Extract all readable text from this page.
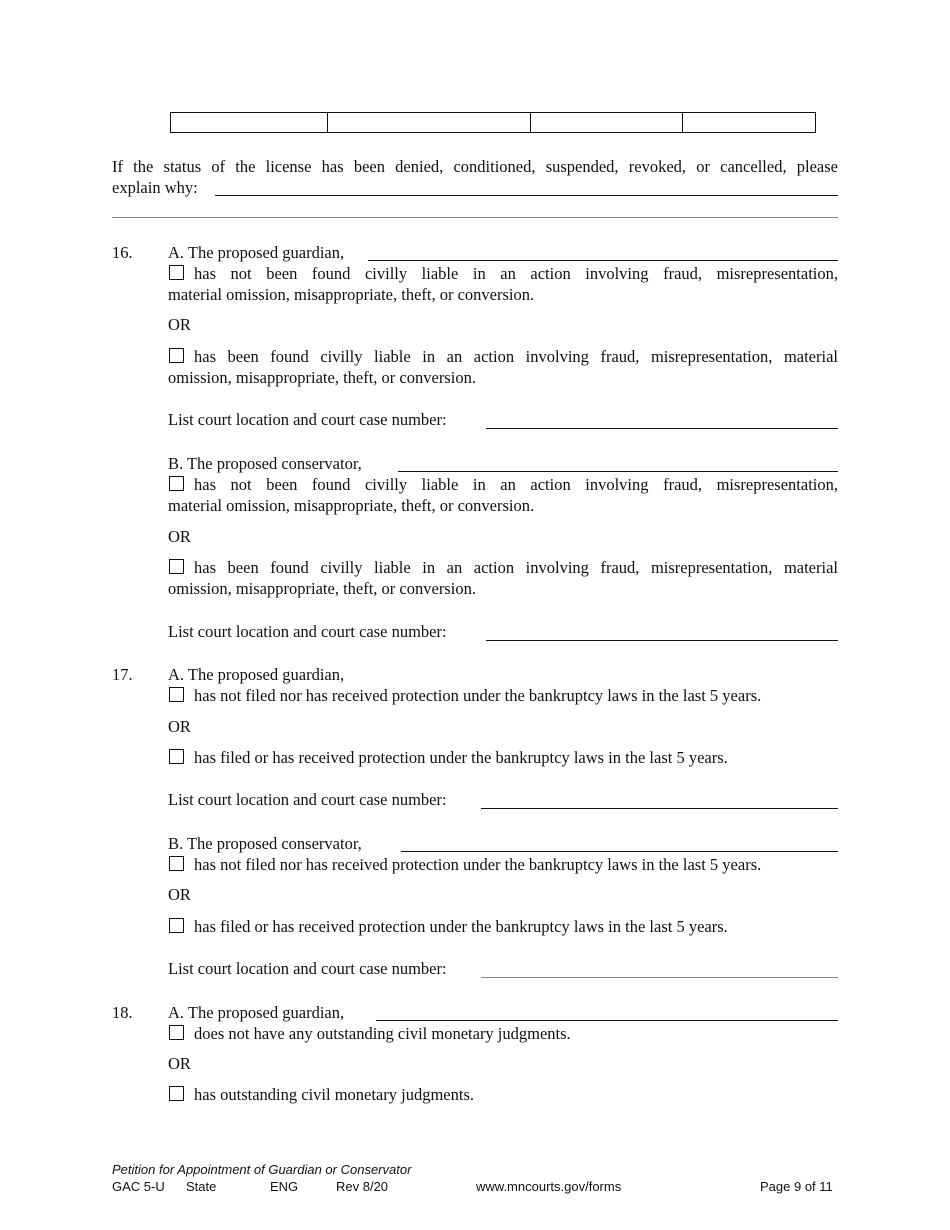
If the status of the license has been denied, conditioned, suspended, revoked, or cancelled, please
explain why:
16. A. The proposed guardian,
has not been found civilly liable in an action involving fraud, misrepresentation,
material omission, misappropriate, theft, or conversion.
OR
has been found civilly liable in an action involving fraud, misrepresentation, material
omission, misappropriate, theft, or conversion.
List court location and court case number:
B. The proposed conservator,
has not been found civilly liable in an action involving fraud, misrepresentation,
material omission, misappropriate, theft, or conversion.
OR
has been found civilly liable in an action involving fraud, misrepresentation, material
omission, misappropriate, theft, or conversion.
List court location and court case number:
17. A. The proposed guardian,
has not filed nor has received protection under the bankruptcy laws in the last 5 years.
OR
has filed or has received protection under the bankruptcy laws in the last 5 years.
List court location and court case number:
B. The proposed conservator,
has not filed nor has received protection under the bankruptcy laws in the last 5 years.
OR
has filed or has received protection under the bankruptcy laws in the last 5 years.
List court location and court case number:
18. A. The proposed guardian,
does not have any outstanding civil monetary judgments.
OR
has outstanding civil monetary judgments.
Petition for Appointment of Guardian or Conservator
GAC 5-U State	ENG	Rev 8/20	www.mncourts.gov/forms	Page 9 of 11
